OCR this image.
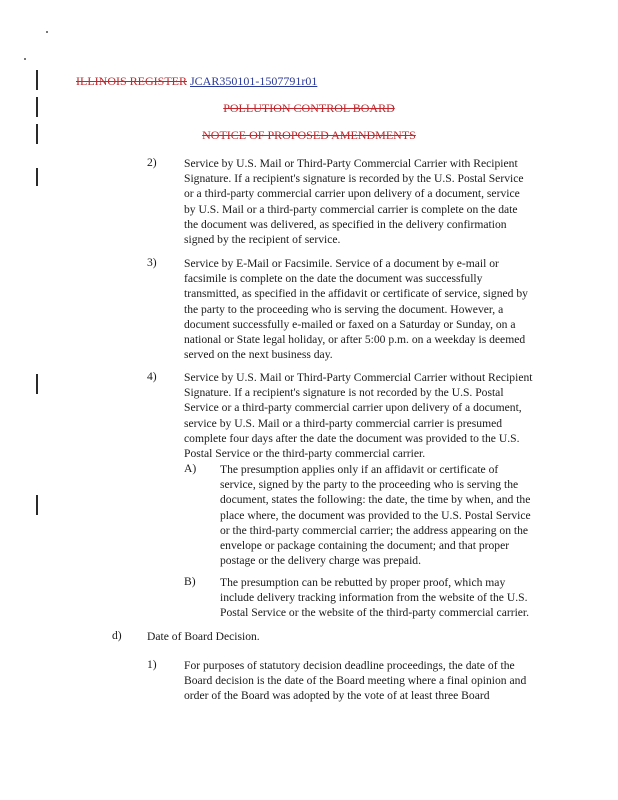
ILLINOIS REGISTER JCAR350101-1507791r01
POLLUTION CONTROL BOARD
NOTICE OF PROPOSED AMENDMENTS
2) Service by U.S. Mail or Third-Party Commercial Carrier with Recipient
Signature. If a recipient's signature is recorded by the U.S. Postal Service
or a third-party commercial carrier upon delivery of a document, service
by U.S. Mail or a third-party commercial carrier is complete on the date
the document was delivered, as specified in the delivery confirmation
signed by the recipient of service.
3) Service by E-Mail or Facsimile. Service of a document by e-mail or
facsimile is complete on the date the document was successfully
transmitted, as specified in the affidavit or certificate of service, signed by
the party to the proceeding who is serving the document. However, a
document successfully e-mailed or faxed on a Saturday or Sunday, on a
national or State legal holiday, or after 5:00 p.m. on a weekday is deemed
served on the next business day.
4) Service by U.S. Mail or Third-Party Commercial Carrier without Recipient
Signature. If a recipient's signature is not recorded by the U.S. Postal
Service or a third-party commercial carrier upon delivery of a document,
service by U.S. Mail or a third-party commercial carrier is presumed
complete four days after the date the document was provided to the U.S.
Postal Service or the third-party commercial carrier.
A) The presumption applies only if an affidavit or certificate of
service, signed by the party to the proceeding who is serving the
document, states the following: the date, the time by when, and the
place where, the document was provided to the U.S. Postal Service
or the third-party commercial carrier; the address appearing on the
envelope or package containing the document; and that proper
postage or the delivery charge was prepaid.
B) The presumption can be rebutted by proper proof, which may
include delivery tracking information from the website of the U.S.
Postal Service or the website of the third-party commercial carrier.
d) Date of Board Decision.
1) For purposes of statutory decision deadline proceedings, the date of the
Board decision is the date of the Board meeting where a final opinion and
order of the Board was adopted by the vote of at least three Board
